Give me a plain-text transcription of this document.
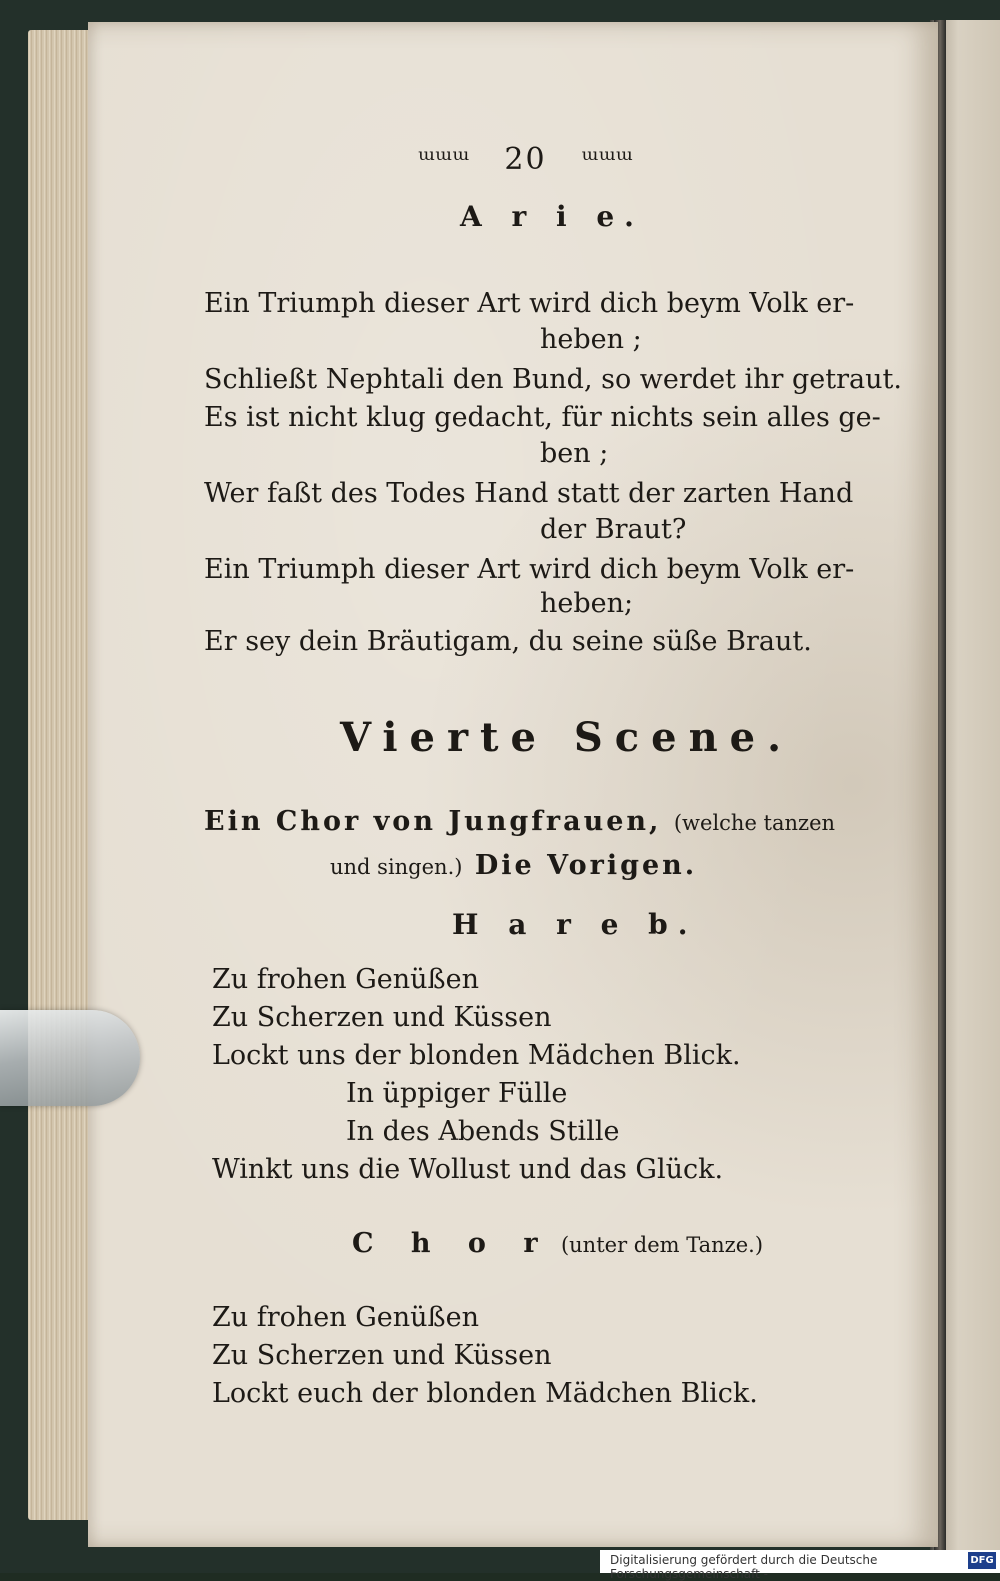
ᵚᵚᵚ 20 ᵚᵚᵚ
A r i e.
Ein Triumph dieser Art wird dich beym Volk er-
heben ;
Schließt Nephtali den Bund, so werdet ihr getraut.
Es ist nicht klug gedacht, für nichts sein alles ge-
ben ;
Wer faßt des Todes Hand statt der zarten Hand
der Braut?
Ein Triumph dieser Art wird dich beym Volk er-
heben;
Er sey dein Bräutigam, du seine süße Braut.
Vierte Scene.
Ein Chor von Jungfrauen, (welche tanzen
und singen.) Die Vorigen.
H a r e b.
Zu frohen Genüßen
Zu Scherzen und Küssen
Lockt uns der blonden Mädchen Blick.
In üppiger Fülle
In des Abends Stille
Winkt uns die Wollust und das Glück.
C h o r (unter dem Tanze.)
Zu frohen Genüßen
Zu Scherzen und Küssen
Lockt euch der blonden Mädchen Blick.
Digitalisierung gefördert durch die Deutsche Forschungsgemeinschaft -
DFG
